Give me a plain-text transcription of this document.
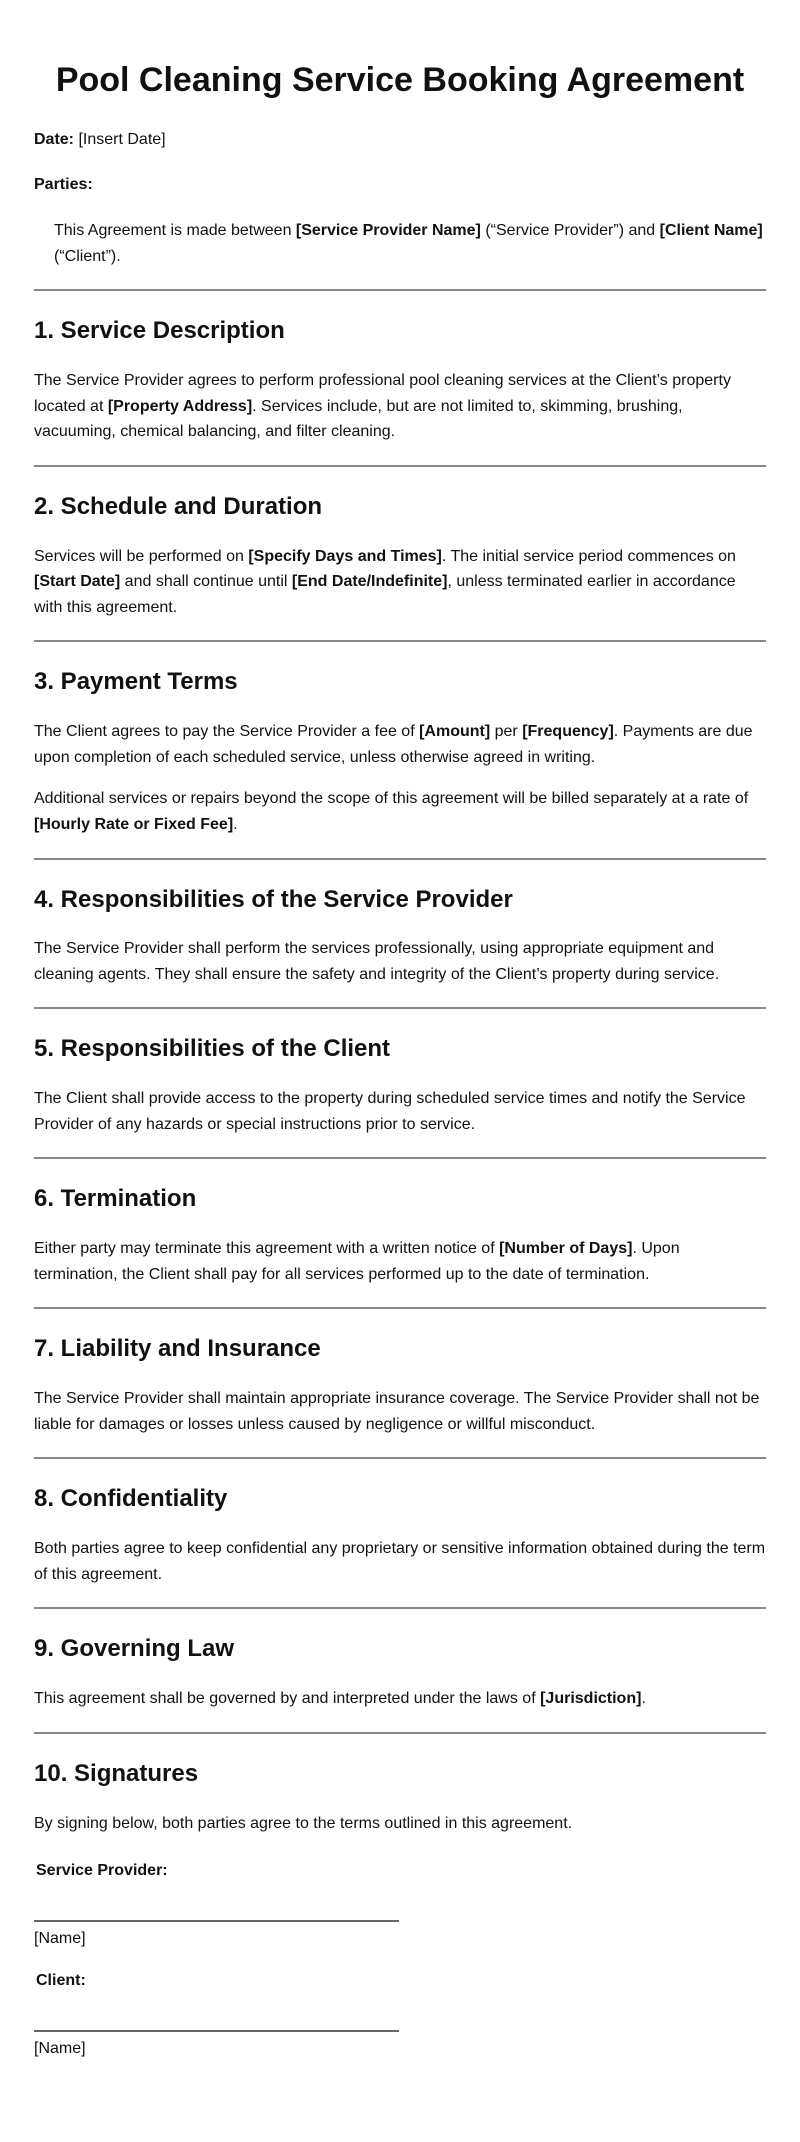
Pool Cleaning Service Booking Agreement

Date: [Insert Date]

Parties:

This Agreement is made between [Service Provider Name] (“Service Provider”) and [Client Name] (“Client”).

1. Service Description

The Service Provider agrees to perform professional pool cleaning services at the Client’s property located at [Property Address]. Services include, but are not limited to, skimming, brushing, vacuuming, chemical balancing, and filter cleaning.

2. Schedule and Duration

Services will be performed on [Specify Days and Times]. The initial service period commences on [Start Date] and shall continue until [End Date/Indefinite], unless terminated earlier in accordance with this agreement.

3. Payment Terms

The Client agrees to pay the Service Provider a fee of [Amount] per [Frequency]. Payments are due upon completion of each scheduled service, unless otherwise agreed in writing.

Additional services or repairs beyond the scope of this agreement will be billed separately at a rate of [Hourly Rate or Fixed Fee].

4. Responsibilities of the Service Provider

The Service Provider shall perform the services professionally, using appropriate equipment and cleaning agents. They shall ensure the safety and integrity of the Client’s property during service.

5. Responsibilities of the Client

The Client shall provide access to the property during scheduled service times and notify the Service Provider of any hazards or special instructions prior to service.

6. Termination

Either party may terminate this agreement with a written notice of [Number of Days]. Upon termination, the Client shall pay for all services performed up to the date of termination.

7. Liability and Insurance

The Service Provider shall maintain appropriate insurance coverage. The Service Provider shall not be liable for damages or losses unless caused by negligence or willful misconduct.

8. Confidentiality

Both parties agree to keep confidential any proprietary or sensitive information obtained during the term of this agreement.

9. Governing Law

This agreement shall be governed by and interpreted under the laws of [Jurisdiction].

10. Signatures

By signing below, both parties agree to the terms outlined in this agreement.

Service Provider:
[Name]
Client:
[Name]
